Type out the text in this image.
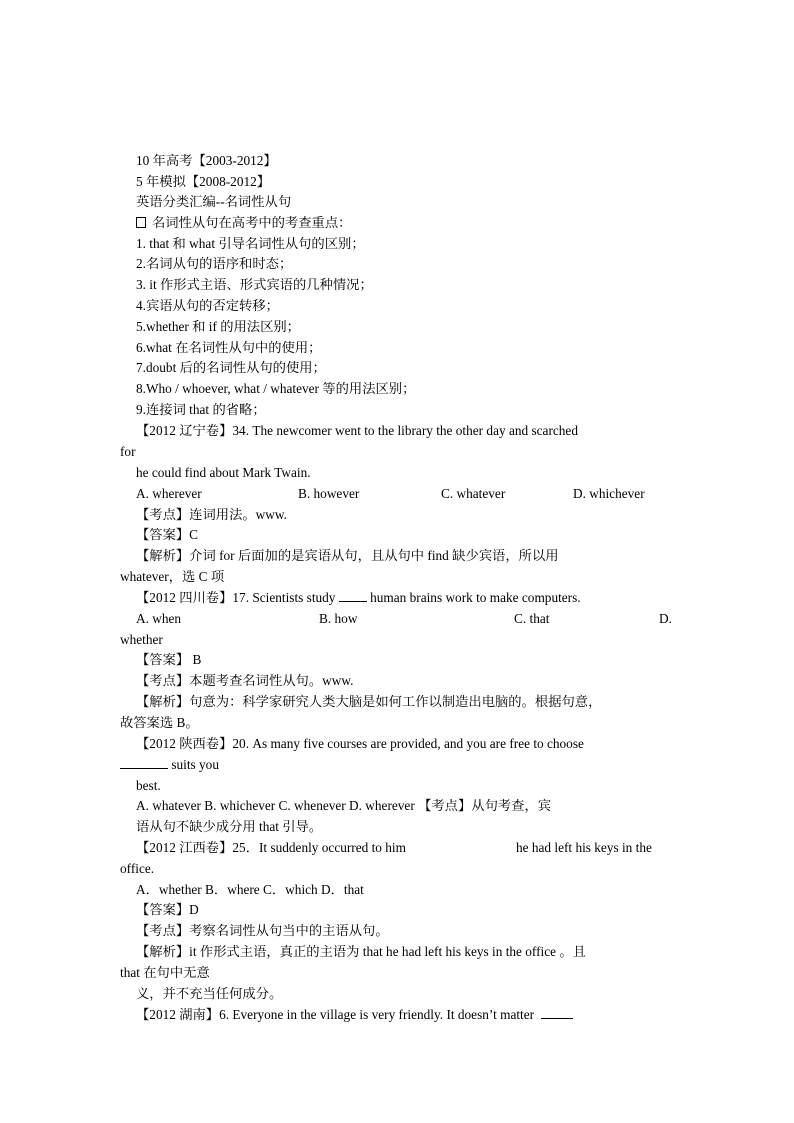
10 年高考【2003-2012】
5 年模拟【2008-2012】
英语分类汇编--名词性从句
名词性从句在高考中的考查重点：
1. that 和 what 引导名词性从句的区别；
2.名词从句的语序和时态；
3. it 作形式主语、形式宾语的几种情况；
4.宾语从句的否定转移；
5.whether 和 if 的用法区别；
6.what 在名词性从句中的使用；
7.doubt 后的名词性从句的使用；
8.Who / whoever, what / whatever 等的用法区别；
9.连接词 that 的省略；
【2012 辽宁卷】34. The newcomer went to the library the other day and scarched
for
he could find about Mark Twain.
A. wherever	B. however	C. whatever	D. whichever
【考点】连词用法。www.
【答案】C
【解析】介词 for 后面加的是宾语从句，且从句中 find 缺少宾语，所以用
whatever，选 C 项
【2012 四川卷】17. Scientists study	human brains work to make computers.
A. when	B. how	C. that	D.
whether
【答案】 B
【考点】本题考查名词性从句。www.
【解析】句意为：科学家研究人类大脑是如何工作以制造出电脑的。根据句意，
故答案选 B。
【2012 陕西卷】20. As many five courses are provided, and you are free to choose
suits you
best.
A. whatever B. whichever C. whenever D. wherever 【考点】从句考查，宾
语从句不缺少成分用 that 引导。
【2012 江西卷】25．It suddenly occurred to him	he had left his keys in the
office.
A．whether B．where C．which D．that
【答案】D
【考点】考察名词性从句当中的主语从句。
【解析】it 作形式主语，真正的主语为 that he had left his keys in the office 。且
that 在句中无意
义，并不充当任何成分。
【2012 湖南】6. Everyone in the village is very friendly. It doesn’t matter
